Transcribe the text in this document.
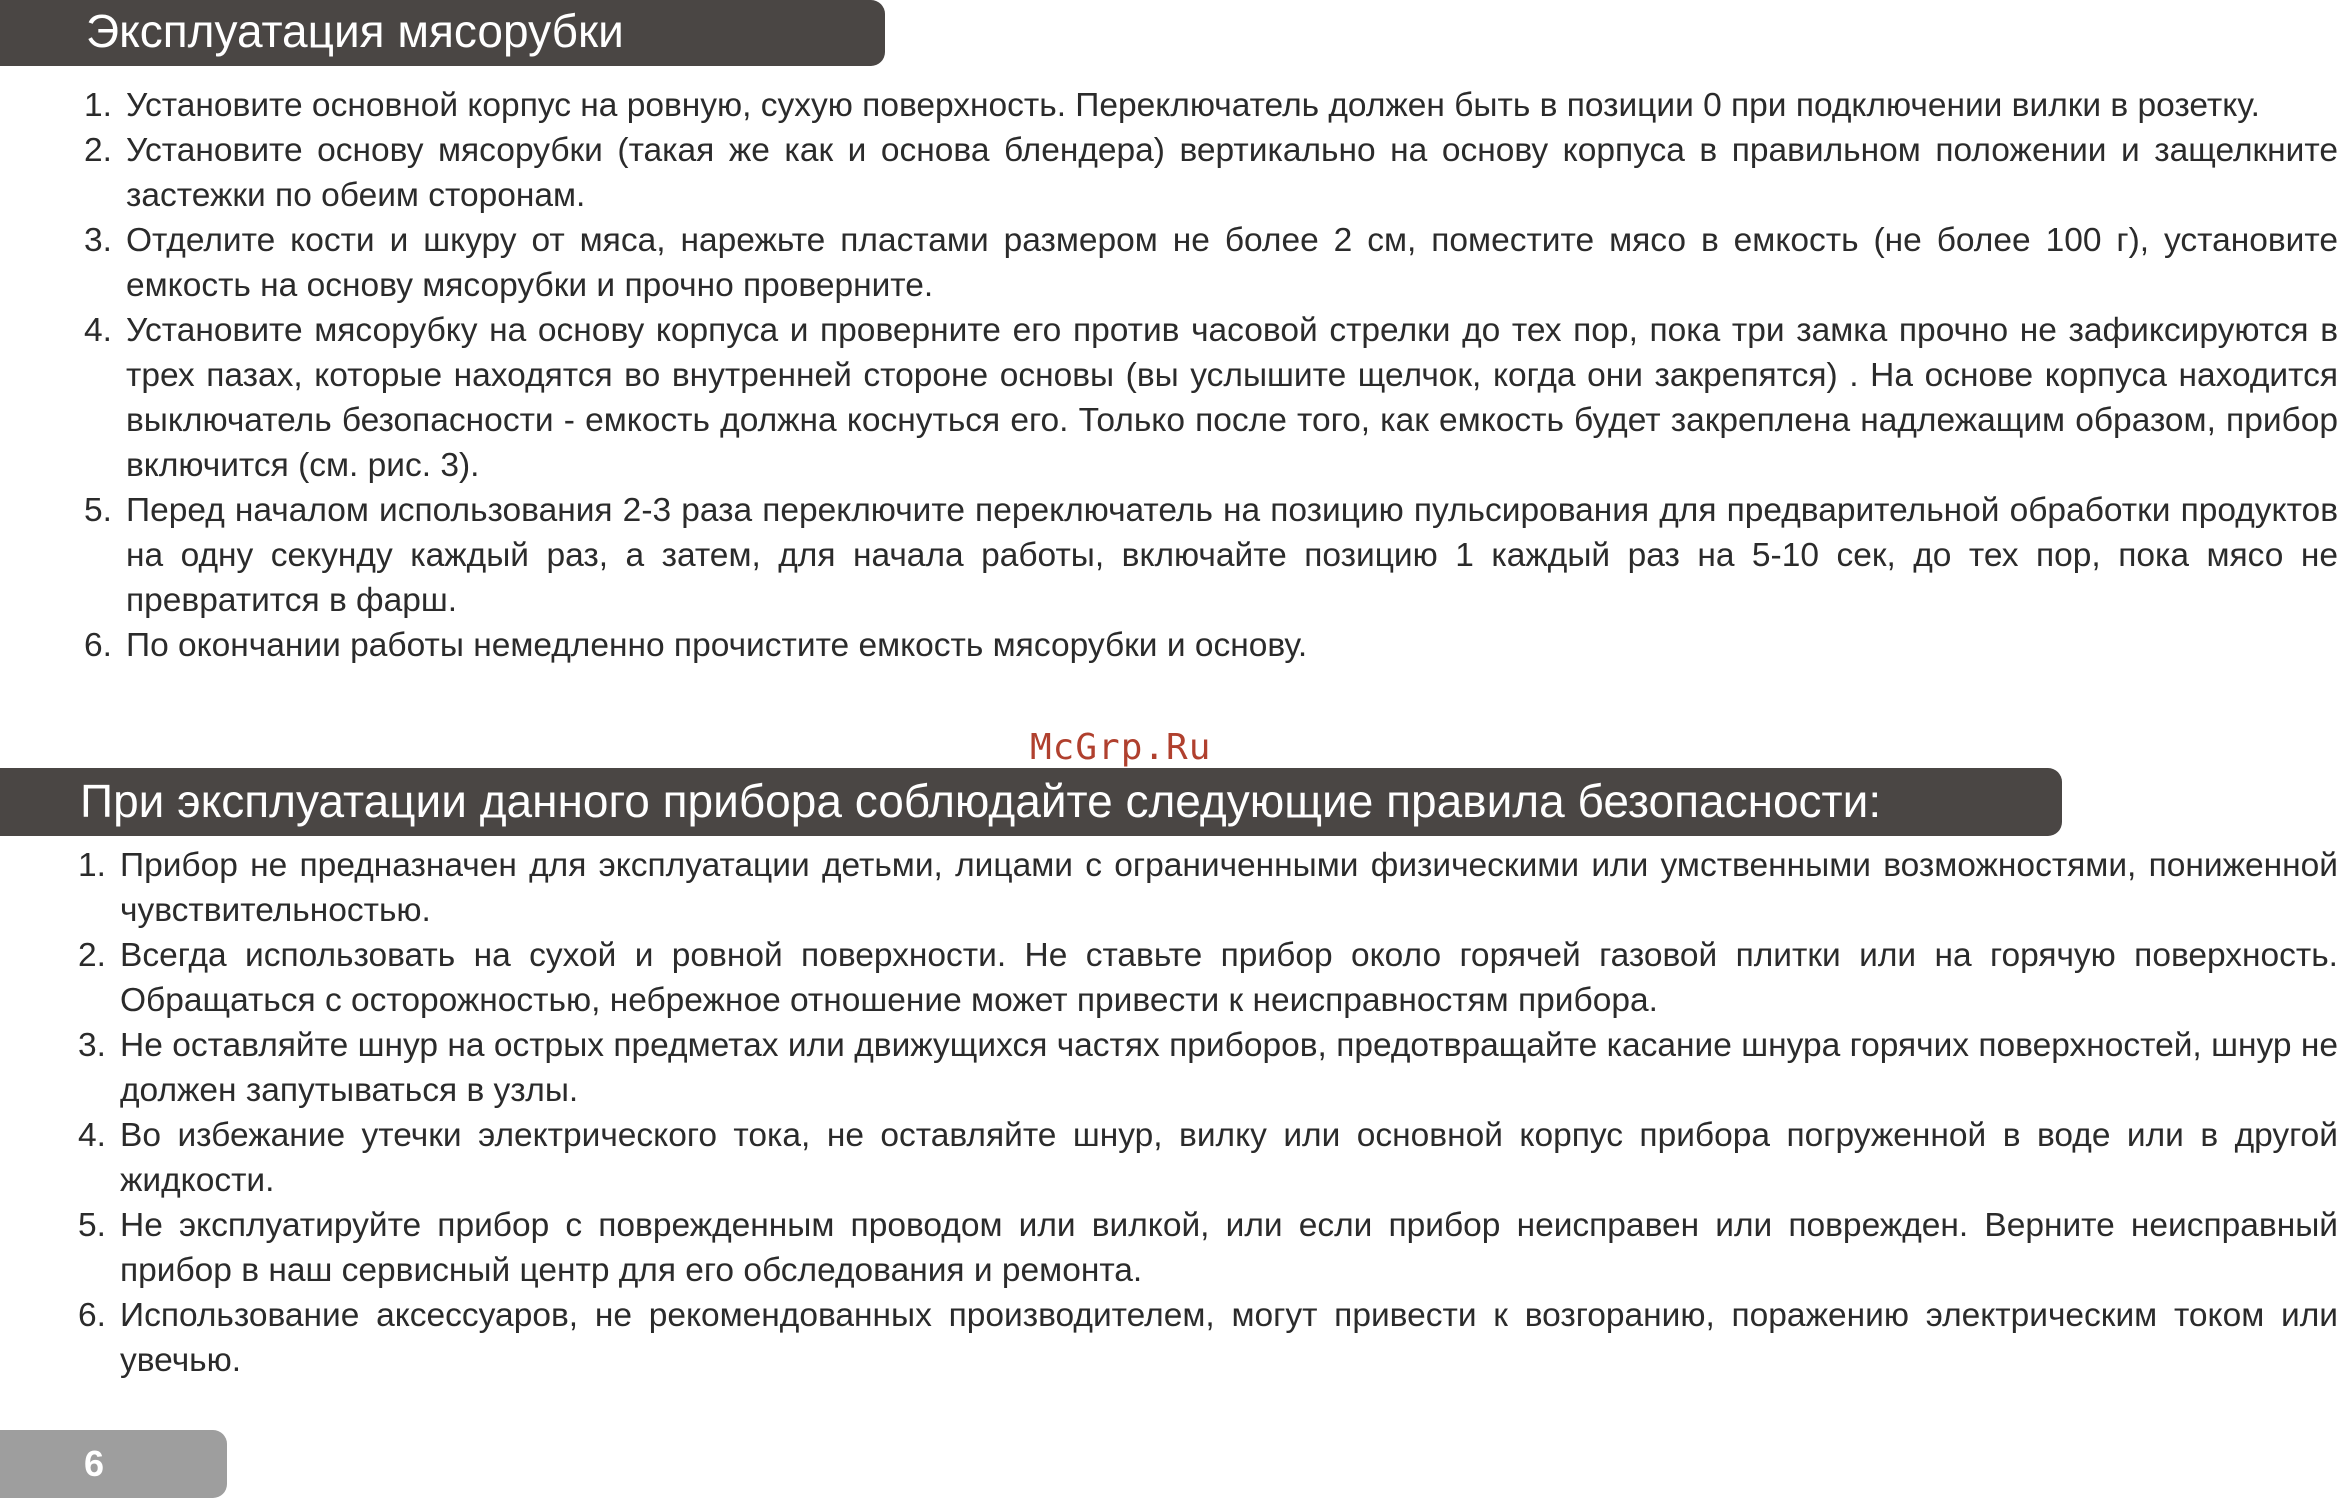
Эксплуатация мясорубки
1. Установите основной корпус на ровную, сухую поверхность. Переключатель должен быть в позиции 0 при подключении вилки в розетку.
2. Установите основу мясорубки (такая же как и основа блендера) вертикально на основу корпуса в правильном положении и защелкните застежки по обеим сторонам.
3. Отделите кости и шкуру от мяса, нарежьте пластами размером не более 2 см, поместите мясо в емкость (не более 100 г), установите емкость на основу мясорубки и прочно проверните.
4. Установите мясорубку на основу корпуса и проверните его против часовой стрелки до тех пор, пока три замка прочно не зафиксируются в трех пазах, которые находятся во внутренней стороне основы (вы услышите щелчок, когда они закрепятся) . На основе корпуса находится выключатель безопасности - емкость должна коснуться его. Только после того, как емкость будет закреплена надлежащим образом, прибор включится (см. рис. 3).
5. Перед началом использования 2-3 раза переключите переключатель на позицию пульсирования для предварительной обработки продуктов на одну секунду каждый раз, а затем, для начала работы, включайте позицию 1 каждый раз на 5-10 сек, до тех пор, пока мясо не превратится в фарш.
6. По окончании работы немедленно прочистите емкость мясорубки и основу.
McGrp.Ru
При эксплуатации данного прибора соблюдайте следующие правила безопасности:
1. Прибор не предназначен для эксплуатации детьми, лицами с ограниченными физическими или умственными возможностями, пониженной чувствительностью.
2. Всегда использовать на сухой и ровной поверхности. Не ставьте прибор около горячей газовой плитки или на горячую поверхность. Обращаться с осторожностью, небрежное отношение может привести к неисправностям прибора.
3. Не оставляйте шнур на острых предметах или движущихся частях приборов, предотвращайте касание шнура горячих поверхностей, шнур не должен запутываться в узлы.
4. Во избежание утечки электрического тока, не оставляйте шнур, вилку или основной корпус прибора погруженной в воде или в другой жидкости.
5. Не эксплуатируйте прибор с поврежденным проводом или вилкой, или если прибор неисправен или поврежден. Верните неисправный прибор в наш сервисный центр для его обследования и ремонта.
6. Использование аксессуаров, не рекомендованных производителем, могут привести к возгоранию, поражению электрическим током или увечью.
6
